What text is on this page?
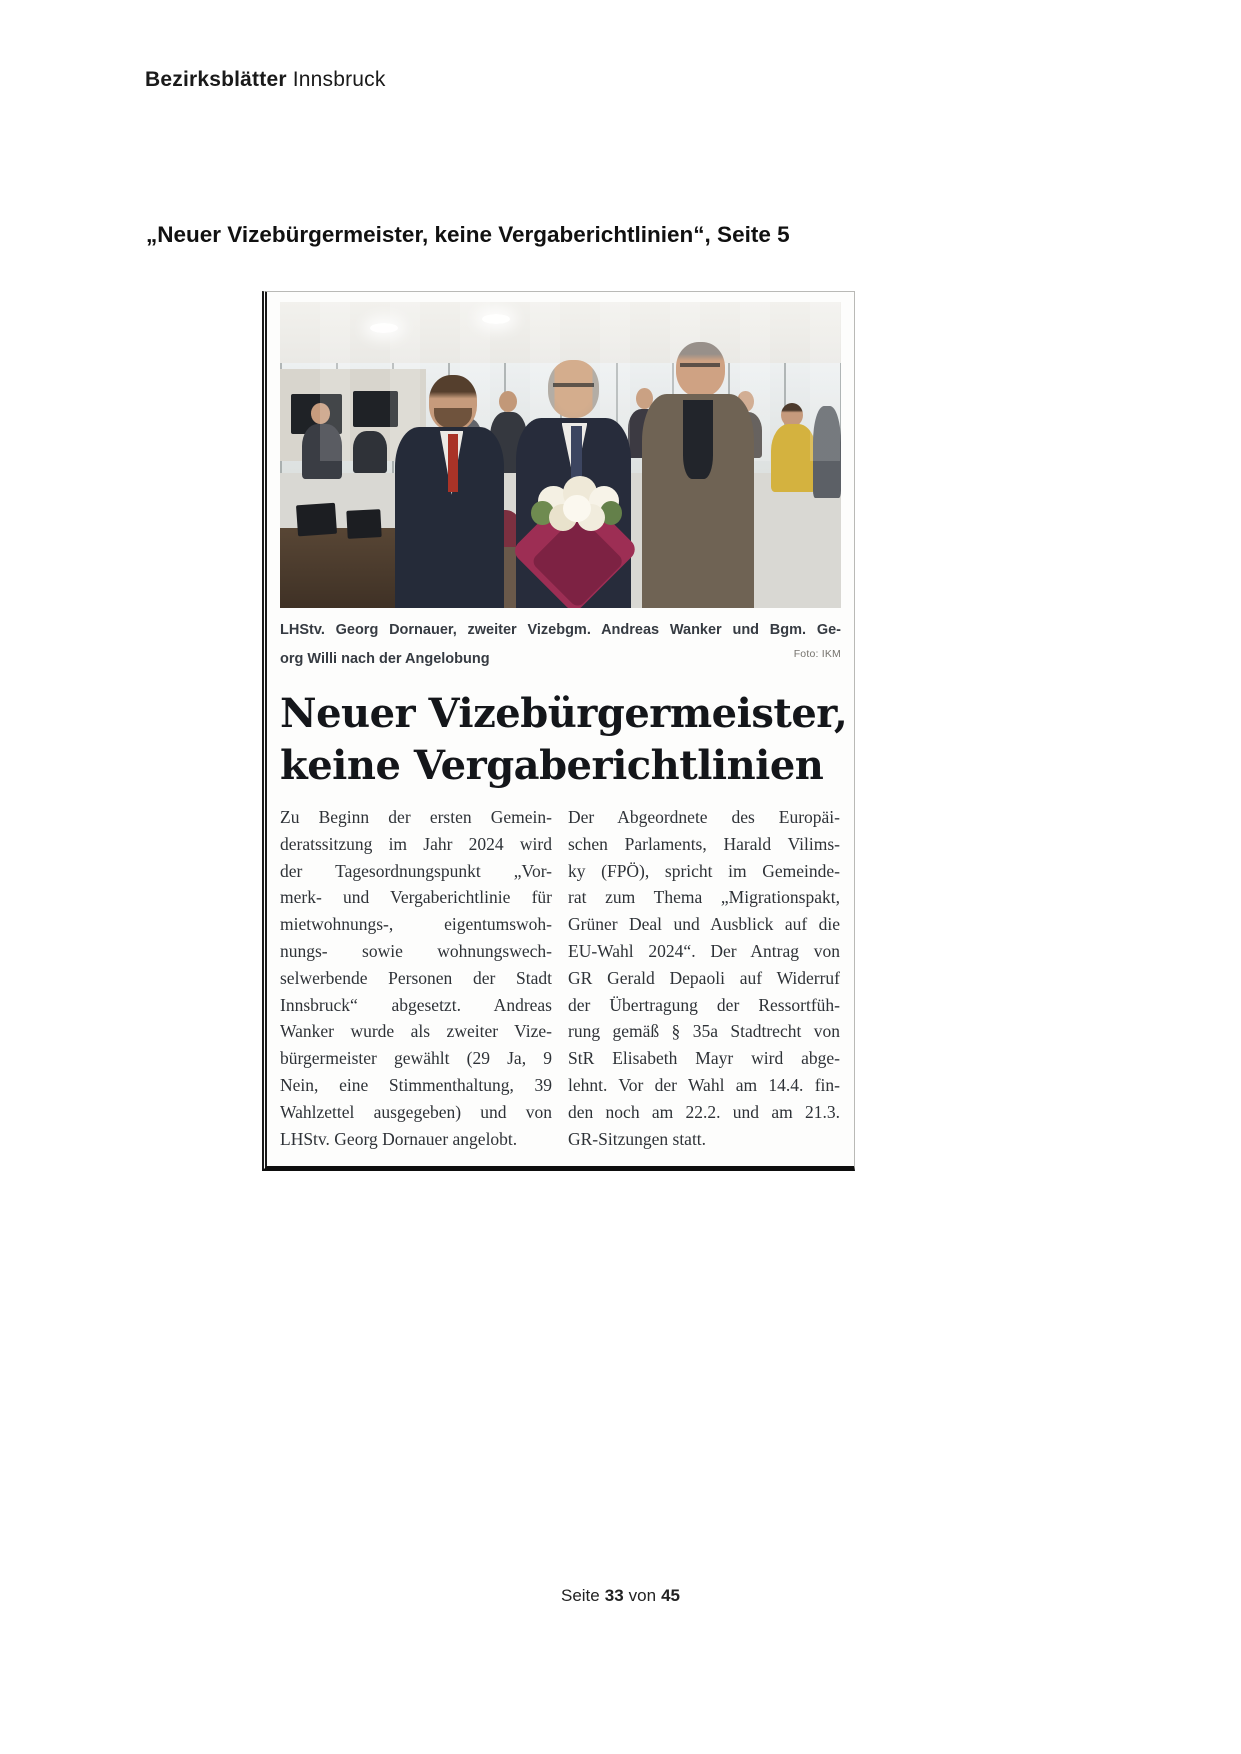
Bezirksblätter Innsbruck
„Neuer Vizebürgermeister, keine Vergaberichtlinien“, Seite 5
LHStv. Georg Dornauer, zweiter Vizebgm. Andreas Wanker und Bgm. Ge-
org Willi nach der Angelobung	Foto: IKM
Neuer Vizebürgermeister,
keine Vergaberichtlinien
Zu Beginn der ersten Gemein-
deratssitzung im Jahr 2024 wird
der Tagesordnungspunkt „Vor-
merk- und Vergaberichtlinie für
mietwohnungs-, eigentumswoh-
nungs- sowie wohnungswech-
selwerbende Personen der Stadt
Innsbruck“ abgesetzt. Andreas
Wanker wurde als zweiter Vize-
bürgermeister gewählt (29 Ja, 9
Nein, eine Stimmenthaltung, 39
Wahlzettel ausgegeben) und von
LHStv. Georg Dornauer angelobt.
Der Abgeordnete des Europäi-
schen Parlaments, Harald Vilims-
ky (FPÖ), spricht im Gemeinde-
rat zum Thema „Migrationspakt,
Grüner Deal und Ausblick auf die
EU-Wahl 2024“. Der Antrag von
GR Gerald Depaoli auf Widerruf
der Übertragung der Ressortfüh-
rung gemäß § 35a Stadtrecht von
StR Elisabeth Mayr wird abge-
lehnt. Vor der Wahl am 14.4. fin-
den noch am 22.2. und am 21.3.
GR-Sitzungen statt.
Seite 33 von 45
